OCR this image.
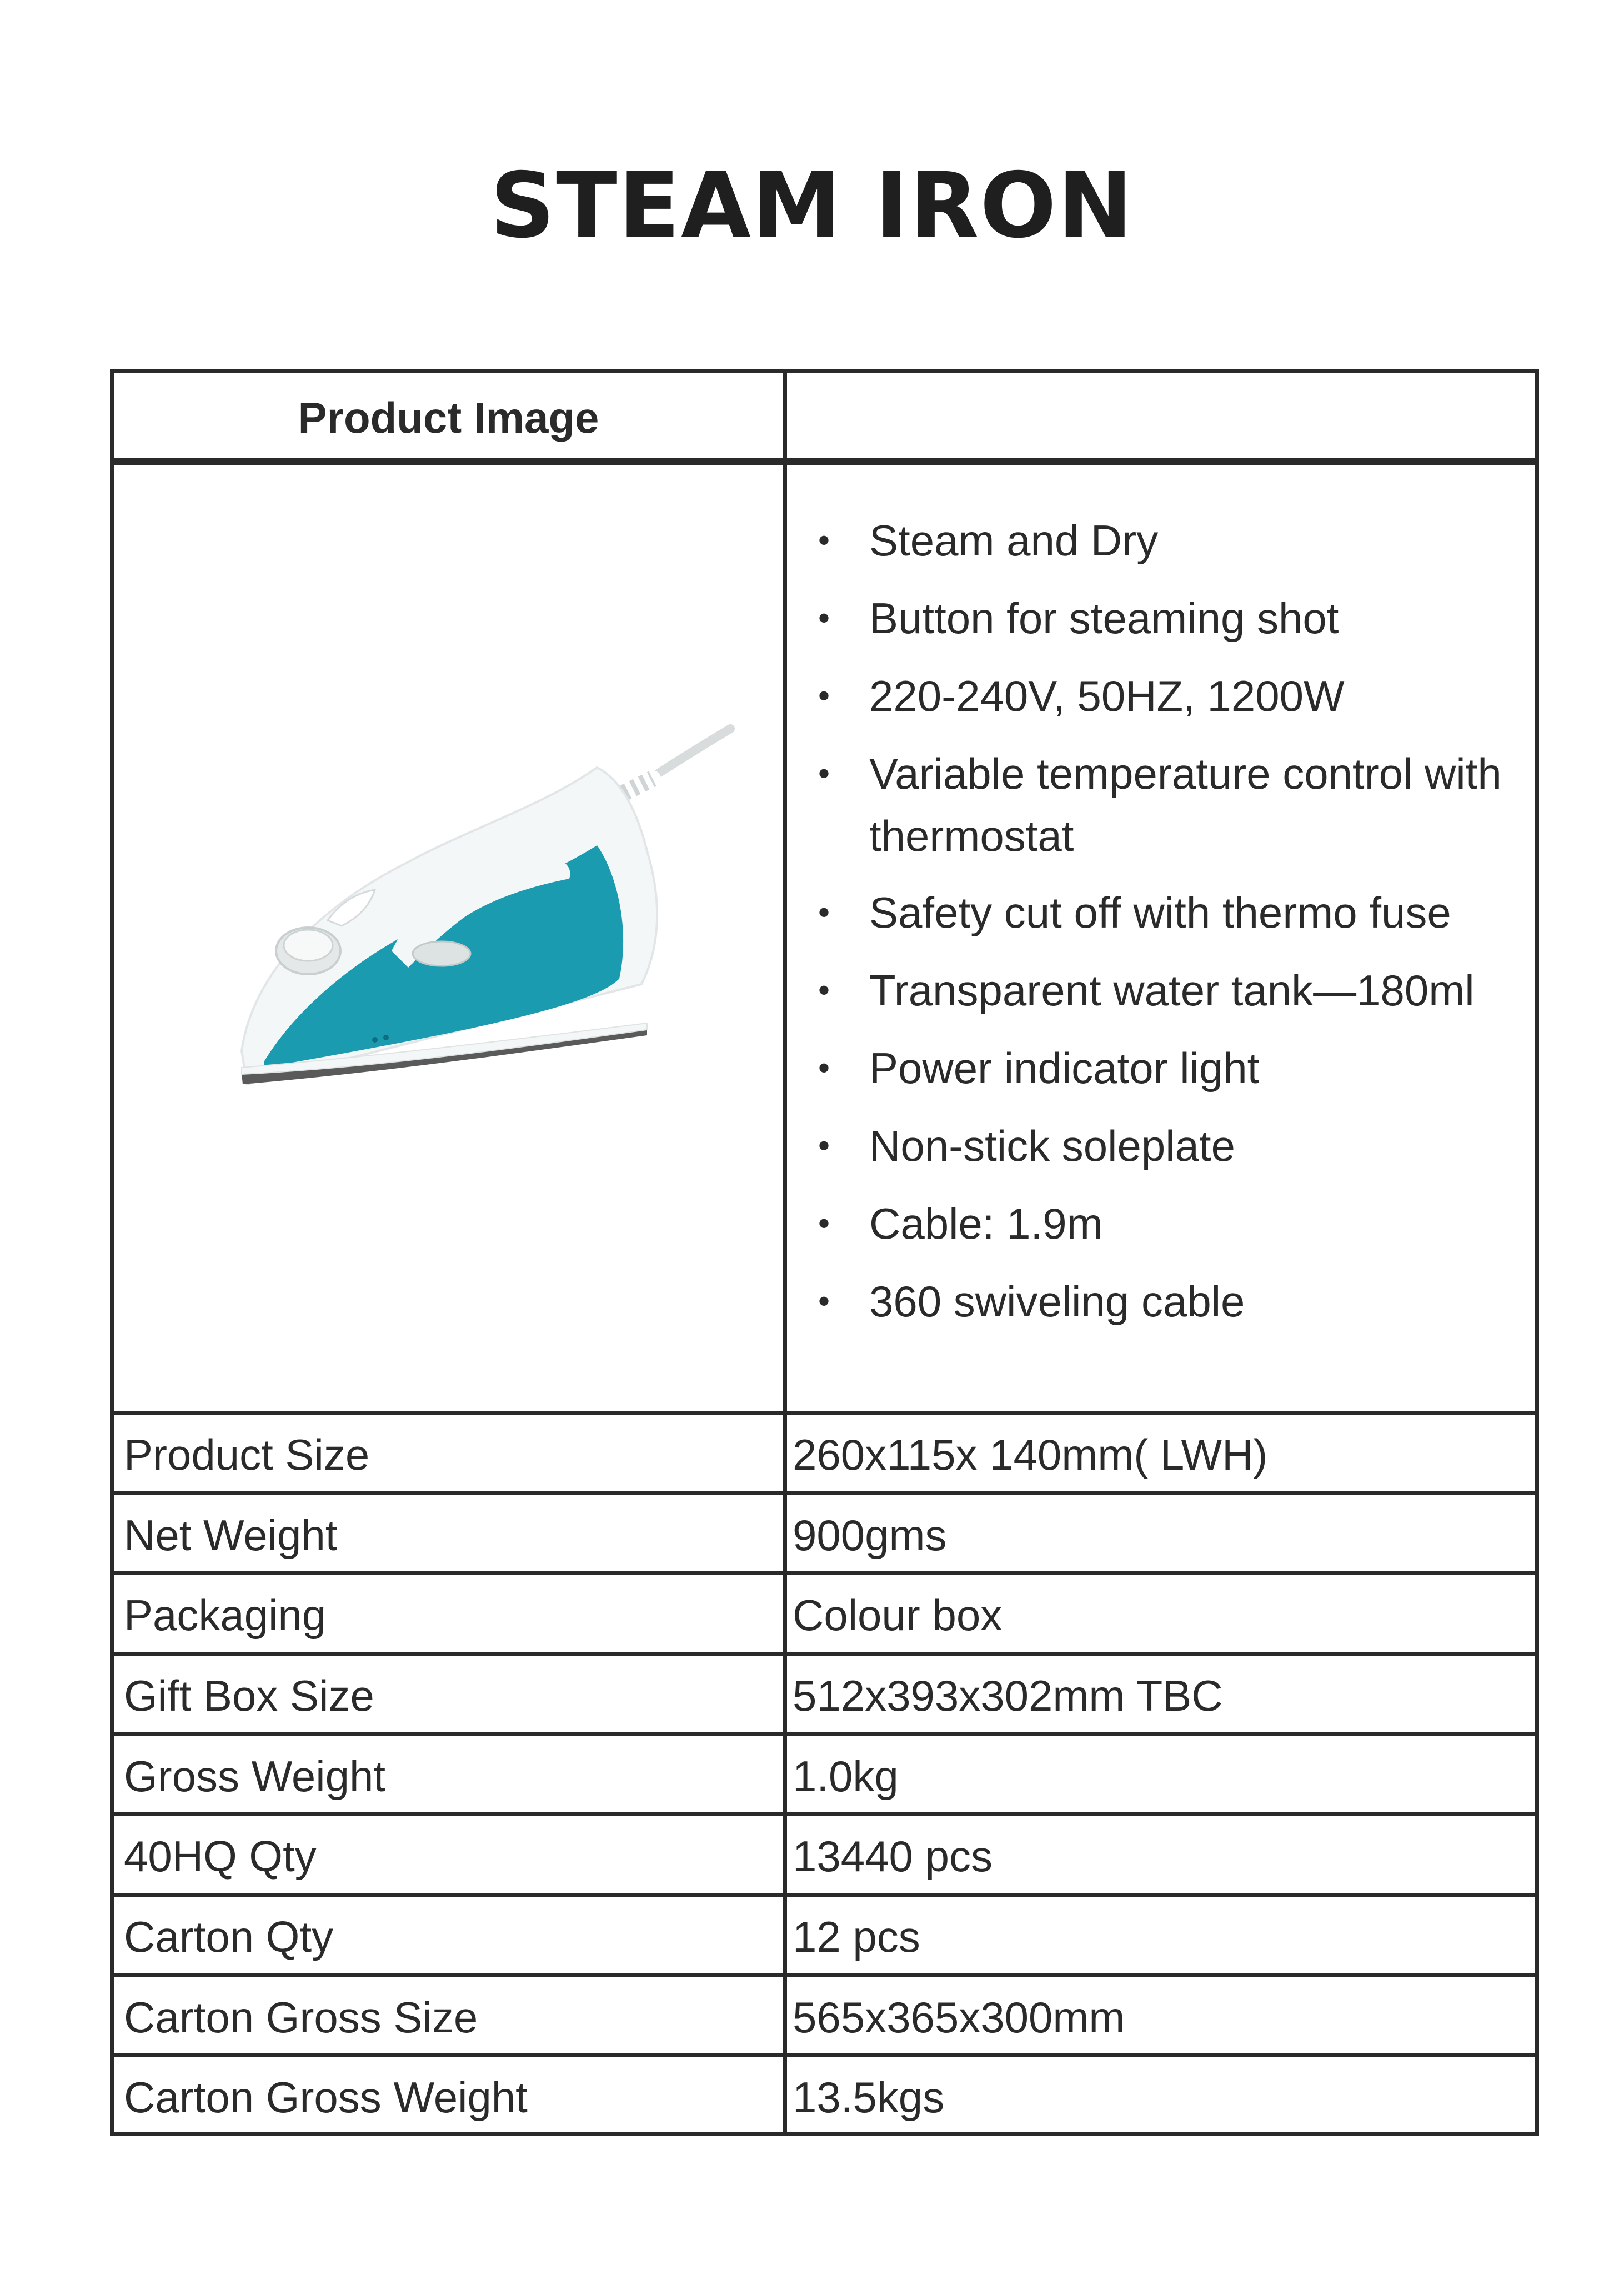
STEAM IRON
Product Image
• Steam and Dry
• Button for steaming shot
• 220-240V, 50HZ, 1200W
• Variable temperature control with thermostat
• Safety cut off with thermo fuse
• Transparent water tank—180ml
• Power indicator light
• Non-stick soleplate
• Cable: 1.9m
• 360 swiveling cable
Product Size	260x115x 140mm( LWH)
Net Weight	900gms
Packaging	Colour box
Gift Box Size	512x393x302mm TBC
Gross Weight	1.0kg
40HQ Qty	13440 pcs
Carton Qty	12 pcs
Carton Gross Size	565x365x300mm
Carton Gross Weight	13.5kgs
